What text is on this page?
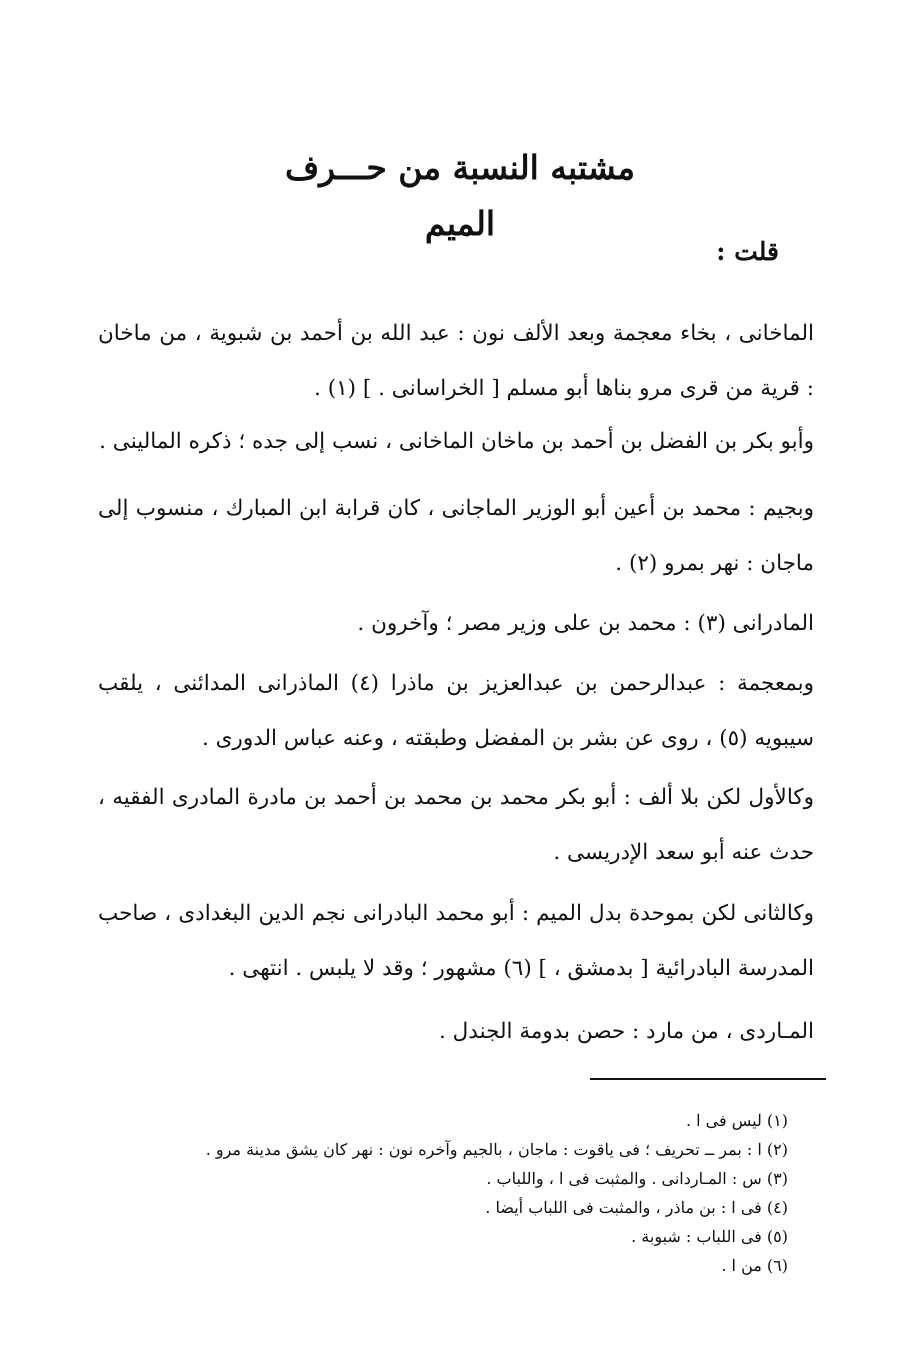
مشتبه النسبة من حـــرف الميم
قلت :
الماخانى ، بخاء معجمة وبعد الألف نون : عبد الله بن أحمد بن شبوية ، من ماخان : قرية من قرى مرو بناها أبو مسلم [ الخراسانى . ] (١) .
وأبو بكر بن الفضل بن أحمد بن ماخان الماخانى ، نسب إلى جده ؛ ذكره المالينى .
وبجيم : محمد بن أعين أبو الوزير الماجانى ، كان قرابة ابن المبارك ، منسوب إلى ماجان : نهر بمرو (٢) .
المادرانى (٣) : محمد بن على وزير مصر ؛ وآخرون .
وبمعجمة : عبدالرحمن بن عبدالعزيز بن ماذرا (٤) الماذرانى المدائنى ، يلقب سيبويه (٥) ، روى عن بشر بن المفضل وطبقته ، وعنه عباس الدورى .
وكالأول لكن بلا ألف : أبو بكر محمد بن محمد بن أحمد بن مادرة المادرى الفقيه ، حدث عنه أبو سعد الإدريسى .
وكالثانى لكن بموحدة بدل الميم : أبو محمد البادرانى نجم الدين البغدادى ، صاحب المدرسة البادرائية [ بدمشق ، ] (٦) مشهور ؛ وقد لا يلبس . انتهى .
المـاردى ، من مارد : حصن بدومة الجندل .
(١) ليس فى ا .
(٢) ا : بمر ــ تحريف ؛ فى ياقوت : ماجان ، بالجيم وآخره نون : نهر كان يشق مدينة مرو .
(٣) س : المـاردانى . والمثبت فى ا ، واللباب .
(٤) فى ا : بن ماذر ، والمثبت فى اللباب أيضا .
(٥) فى اللباب : شبوبة .
(٦) من ا .
